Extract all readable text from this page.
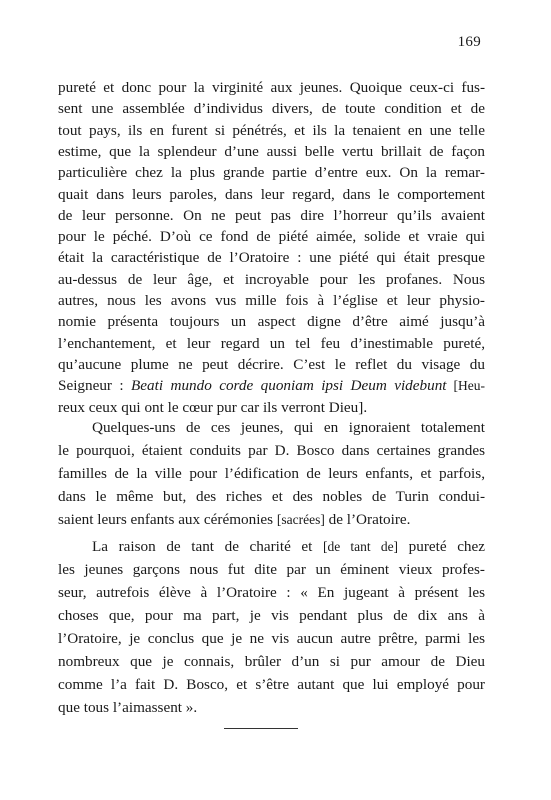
169
pureté et donc pour la virginité aux jeunes. Quoique ceux-ci fus-
sent une assemblée d’individus divers, de toute condition et de
tout pays, ils en furent si pénétrés, et ils la tenaient en une telle
estime, que la splendeur d’une aussi belle vertu brillait de façon
particulière chez la plus grande partie d’entre eux. On la remar-
quait dans leurs paroles, dans leur regard, dans le comportement
de leur personne. On ne peut pas dire l’horreur qu’ils avaient
pour le péché. D’où ce fond de piété aimée, solide et vraie qui
était la caractéristique de l’Oratoire : une piété qui était presque
au-dessus de leur âge, et incroyable pour les profanes. Nous
autres, nous les avons vus mille fois à l’église et leur physio-
nomie présenta toujours un aspect digne d’être aimé jusqu’à
l’enchantement, et leur regard un tel feu d’inestimable pureté,
qu’aucune plume ne peut décrire. C’est le reflet du visage du
Seigneur : Beati mundo corde quoniam ipsi Deum videbunt [Heu-
reux ceux qui ont le cœur pur car ils verront Dieu].
Quelques-uns de ces jeunes, qui en ignoraient totalement
le pourquoi, étaient conduits par D. Bosco dans certaines grandes
familles de la ville pour l’édification de leurs enfants, et parfois,
dans le même but, des riches et des nobles de Turin condui-
saient leurs enfants aux cérémonies [sacrées] de l’Oratoire.
La raison de tant de charité et [de tant de] pureté chez
les jeunes garçons nous fut dite par un éminent vieux profes-
seur, autrefois élève à l’Oratoire : « En jugeant à présent les
choses que, pour ma part, je vis pendant plus de dix ans à
l’Oratoire, je conclus que je ne vis aucun autre prêtre, parmi les
nombreux que je connais, brûler d’un si pur amour de Dieu
comme l’a fait D. Bosco, et s’être autant que lui employé pour
que tous l’aimassent ».
